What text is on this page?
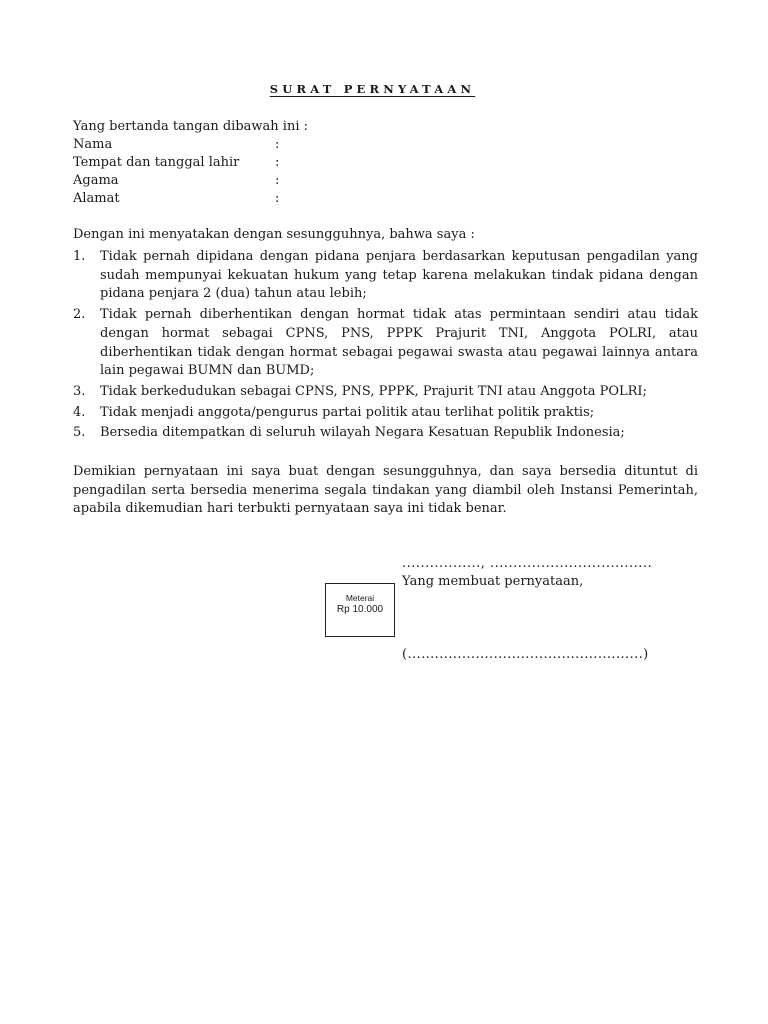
SURAT PERNYATAAN
Yang bertanda tangan dibawah ini :
Nama	:
Tempat dan tanggal lahir	:
Agama	:
Alamat	:
Dengan ini menyatakan dengan sesungguhnya, bahwa saya :
1.	Tidak pernah dipidana dengan pidana penjara berdasarkan keputusan pengadilan yang sudah mempunyai kekuatan hukum yang tetap karena melakukan tindak pidana dengan pidana penjara 2 (dua) tahun atau lebih;
2.	Tidak pernah diberhentikan dengan hormat tidak atas permintaan sendiri atau tidak dengan hormat sebagai CPNS, PNS, PPPK Prajurit TNI, Anggota POLRI, atau diberhentikan tidak dengan hormat sebagai pegawai swasta atau pegawai lainnya antara lain pegawai BUMN dan BUMD;
3.	Tidak berkedudukan sebagai CPNS, PNS, PPPK, Prajurit TNI atau Anggota POLRI;
4.	Tidak menjadi anggota/pengurus partai politik atau terlihat politik praktis;
5.	Bersedia ditempatkan di seluruh wilayah Negara Kesatuan Republik Indonesia;
Demikian pernyataan ini saya buat dengan sesungguhnya, dan saya bersedia dituntut di pengadilan serta bersedia menerima segala tindakan yang diambil oleh Instansi Pemerintah, apabila dikemudian hari terbukti pernyataan saya ini tidak benar.
................., ...................................
Yang membuat pernyataan,
Meterai
Rp 10.000
(....................................................)
